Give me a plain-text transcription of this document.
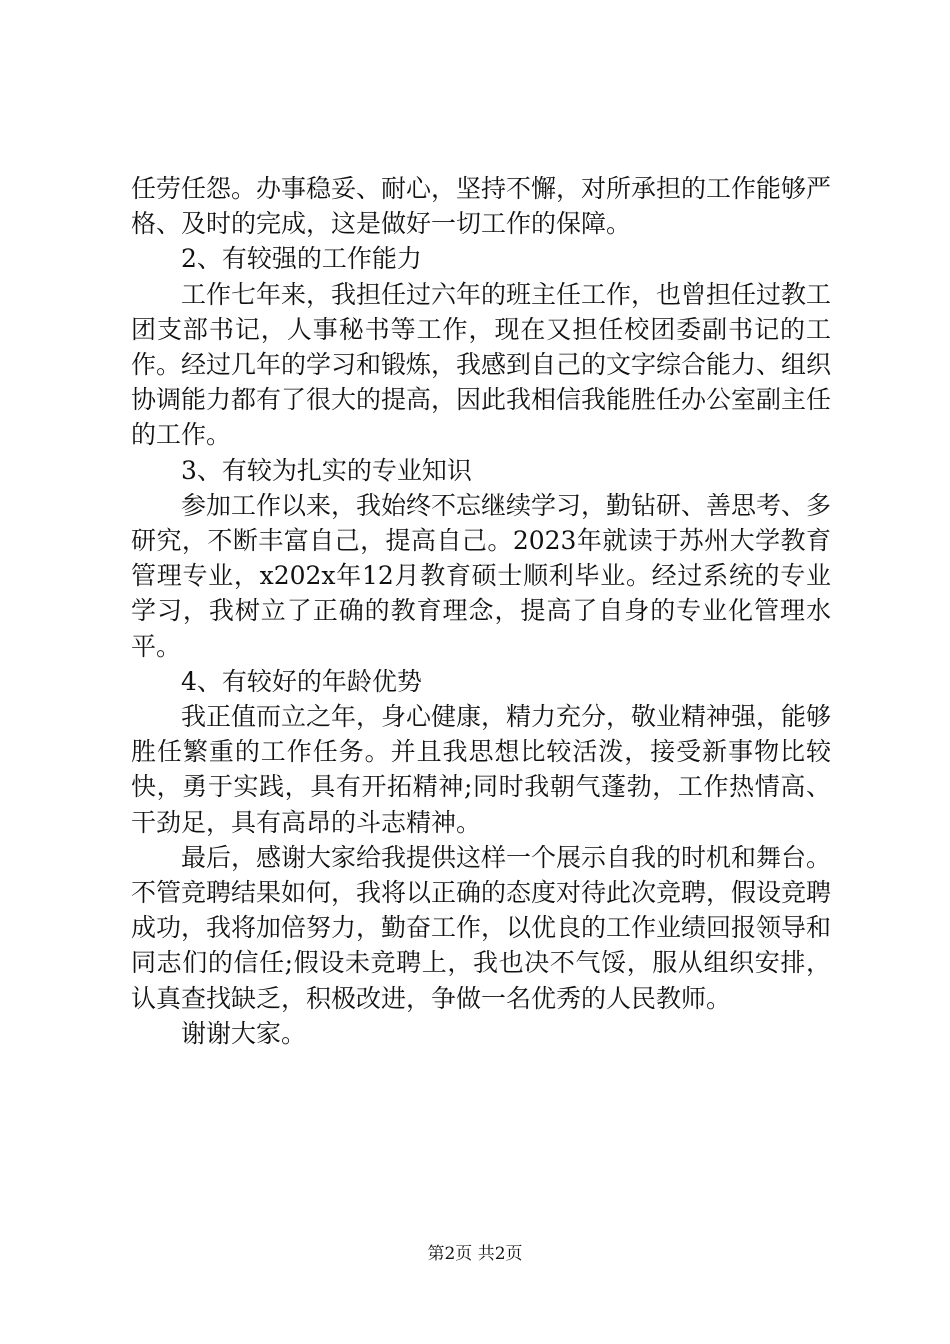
任劳任怨。办事稳妥、耐心，坚持不懈，对所承担的工作能够严格、及时的完成，这是做好一切工作的保障。

2、有较强的工作能力

工作七年来，我担任过六年的班主任工作，也曾担任过教工团支部书记，人事秘书等工作，现在又担任校团委副书记的工作。经过几年的学习和锻炼，我感到自己的文字综合能力、组织协调能力都有了很大的提高，因此我相信我能胜任办公室副主任的工作。

3、有较为扎实的专业知识

参加工作以来，我始终不忘继续学习，勤钻研、善思考、多研究，不断丰富自己，提高自己。2023年就读于苏州大学教育管理专业，x202x年12月教育硕士顺利毕业。经过系统的专业学习，我树立了正确的教育理念，提高了自身的专业化管理水平。

4、有较好的年龄优势

我正值而立之年，身心健康，精力充分，敬业精神强，能够胜任繁重的工作任务。并且我思想比较活泼，接受新事物比较快，勇于实践，具有开拓精神;同时我朝气蓬勃，工作热情高、干劲足，具有高昂的斗志精神。

最后，感谢大家给我提供这样一个展示自我的时机和舞台。不管竞聘结果如何，我将以正确的态度对待此次竞聘，假设竞聘成功，我将加倍努力，勤奋工作，以优良的工作业绩回报领导和同志们的信任;假设未竞聘上，我也决不气馁，服从组织安排，认真查找缺乏，积极改进，争做一名优秀的人民教师。

谢谢大家。

第2页 共2页
